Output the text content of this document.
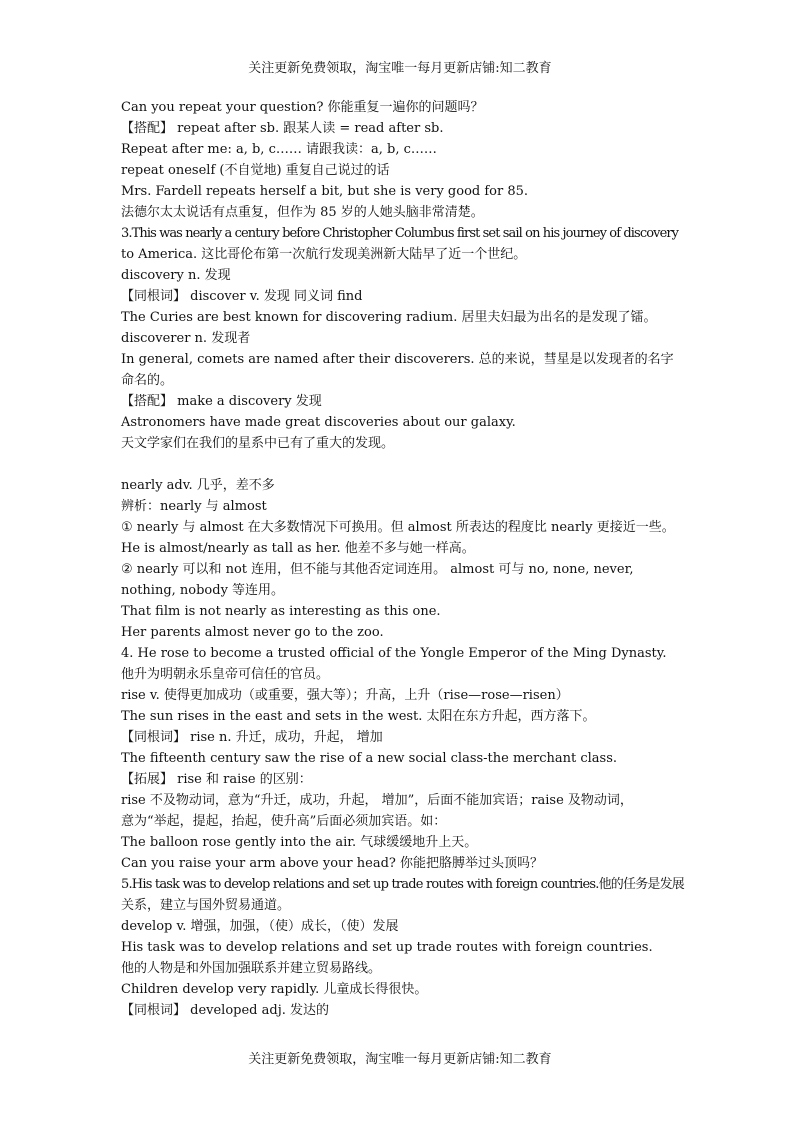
关注更新免费领取，淘宝唯一每月更新店铺:知二教育
Can you repeat your question? 你能重复一遍你的问题吗？
【搭配】 repeat after sb. 跟某人读 = read after sb.
Repeat after me: a, b, c…… 请跟我读：a, b, c……
repeat oneself (不自觉地) 重复自己说过的话
Mrs. Fardell repeats herself a bit, but she is very good for 85.
法德尔太太说话有点重复，但作为 85 岁的人她头脑非常清楚。
3.This was nearly a century before Christopher Columbus first set sail on his journey of discovery
to America. 这比哥伦布第一次航行发现美洲新大陆早了近一个世纪。
discovery n. 发现
【同根词】 discover v. 发现 同义词 find
The Curies are best known for discovering radium. 居里夫妇最为出名的是发现了镭。
discoverer n. 发现者
In general, comets are named after their discoverers. 总的来说，彗星是以发现者的名字
命名的。
【搭配】 make a discovery 发现
Astronomers have made great discoveries about our galaxy.
天文学家们在我们的星系中已有了重大的发现。
nearly adv. 几乎，差不多
辨析：nearly 与 almost
① nearly 与 almost 在大多数情况下可换用。但 almost 所表达的程度比 nearly 更接近一些。
He is almost/nearly as tall as her. 他差不多与她一样高。
② nearly 可以和 not 连用，但不能与其他否定词连用。 almost 可与 no, none, never,
nothing, nobody 等连用。
That film is not nearly as interesting as this one.
Her parents almost never go to the zoo.
4. He rose to become a trusted official of the Yongle Emperor of the Ming Dynasty.
他升为明朝永乐皇帝可信任的官员。
rise v. 使得更加成功（或重要，强大等）；升高，上升（rise—rose—risen）
The sun rises in the east and sets in the west. 太阳在东方升起，西方落下。
【同根词】 rise n. 升迁，成功，升起， 增加
The fifteenth century saw the rise of a new social class-the merchant class.
【拓展】 rise 和 raise 的区别：
rise 不及物动词，意为“升迁，成功，升起， 增加”，后面不能加宾语；raise 及物动词，
意为“举起，提起，抬起，使升高”后面必须加宾语。如：
The balloon rose gently into the air. 气球缓缓地升上天。
Can you raise your arm above your head? 你能把胳膊举过头顶吗？
5.His task was to develop relations and set up trade routes with foreign countries.他的任务是发展
关系，建立与国外贸易通道。
develop v. 增强，加强，（使）成长，（使）发展
His task was to develop relations and set up trade routes with foreign countries.
他的人物是和外国加强联系并建立贸易路线。
Children develop very rapidly. 儿童成长得很快。
【同根词】 developed adj. 发达的
关注更新免费领取，淘宝唯一每月更新店铺:知二教育
